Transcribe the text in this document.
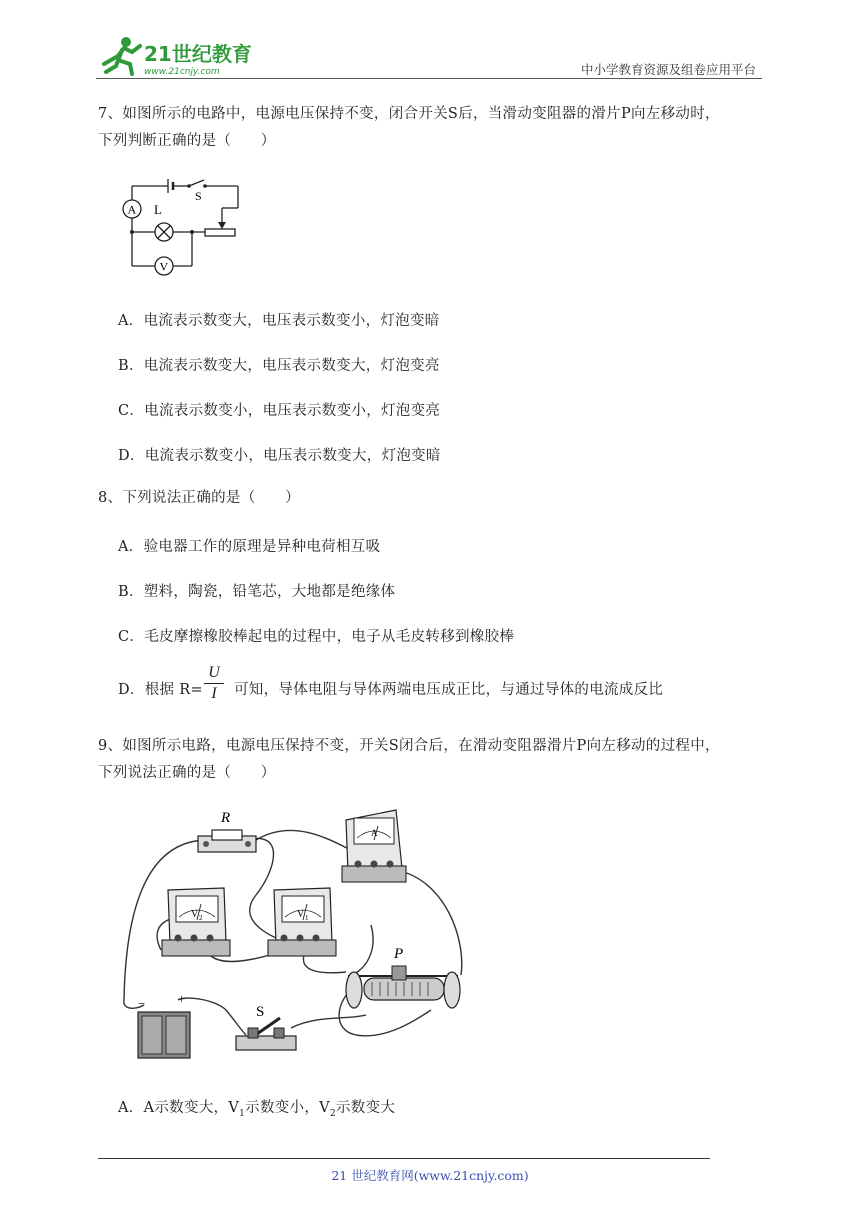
21世纪教育
www.21cnjy.com	中小学教育资源及组卷应用平台
7、如图所示的电路中，电源电压保持不变，闭合开关S后，当滑动变阻器的滑片P向左移动时，
下列判断正确的是（　　）
S
A L
V
A．电流表示数变大，电压表示数变小，灯泡变暗
B．电流表示数变大，电压表示数变大，灯泡变亮
C．电流表示数变小，电压表示数变小，灯泡变亮
D．电流表示数变小，电压表示数变大，灯泡变暗
8、下列说法正确的是（　　）
A．验电器工作的原理是异种电荷相互吸
B．塑料，陶瓷，铅笔芯，大地都是绝缘体
C．毛皮摩擦橡胶棒起电的过程中，电子从毛皮转移到橡胶棒
D．根据 R=
U
I	可知，导体电阻与导体两端电压成正比，与通过导体的电流成反比
9、如图所示电路，电源电压保持不变，开关S闭合后，在滑动变阻器滑片P向左移动的过程中，
下列说法正确的是（　　）
R
A
V 2	V 1
P
−	+
S
A．A示数变大，$V_1$示数变小，$V_2$示数变大
21 世纪教育网(www.21cnjy.com)
